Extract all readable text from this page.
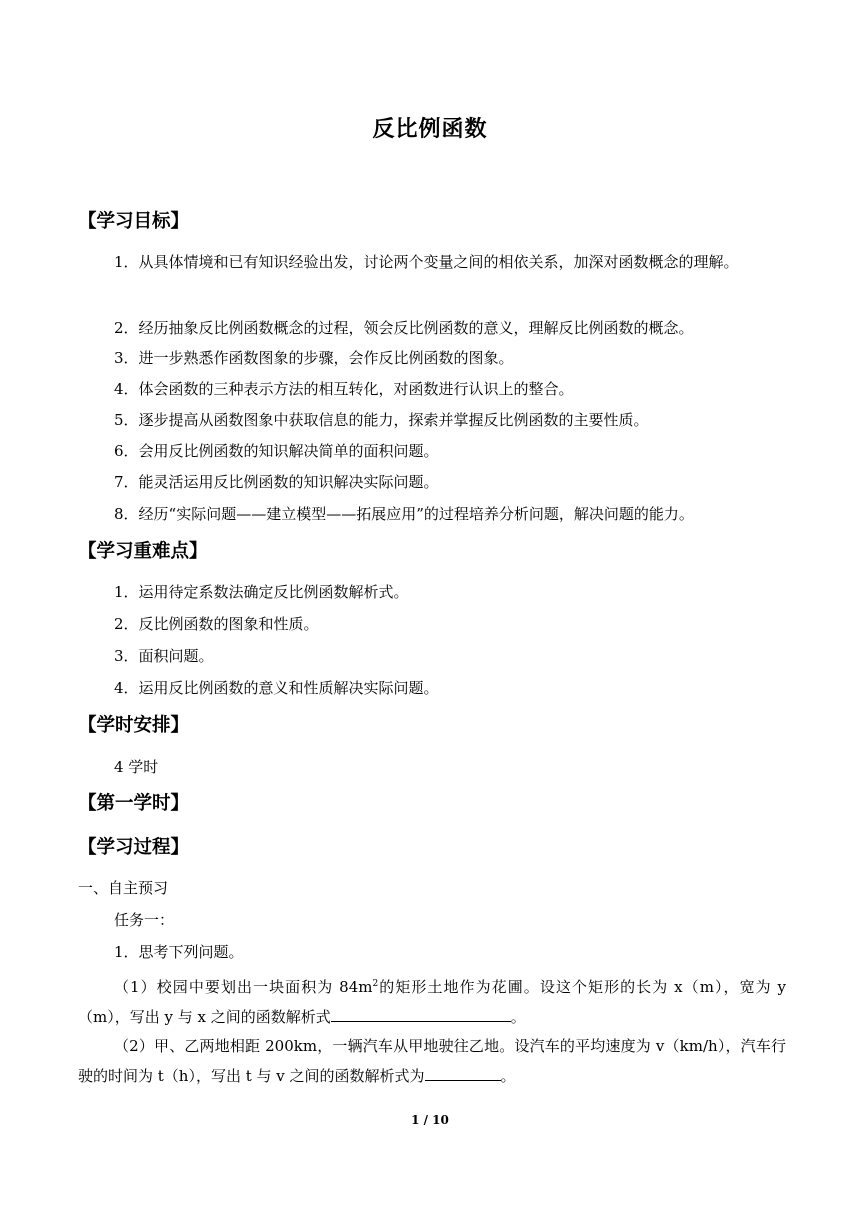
反比例函数
【学习目标】
1．从具体情境和已有知识经验出发，讨论两个变量之间的相依关系，加深对函数概念的理解。
2．经历抽象反比例函数概念的过程，领会反比例函数的意义，理解反比例函数的概念。
3．进一步熟悉作函数图象的步骤，会作反比例函数的图象。
4．体会函数的三种表示方法的相互转化，对函数进行认识上的整合。
5．逐步提高从函数图象中获取信息的能力，探索并掌握反比例函数的主要性质。
6．会用反比例函数的知识解决简单的面积问题。
7．能灵活运用反比例函数的知识解决实际问题。
8．经历“实际问题——建立模型——拓展应用”的过程培养分析问题，解决问题的能力。
【学习重难点】
1．运用待定系数法确定反比例函数解析式。
2．反比例函数的图象和性质。
3．面积问题。
4．运用反比例函数的意义和性质解决实际问题。
【学时安排】
4 学时
【第一学时】
【学习过程】
一、自主预习
任务一：
1．思考下列问题。
（1）校园中要划出一块面积为 $84m^2$的矩形土地作为花圃。设这个矩形的长为 x（m），宽为 y（m），写出 y 与 x 之间的函数解析式	。
（2）甲、乙两地相距 200km，一辆汽车从甲地驶往乙地。设汽车的平均速度为 v（km/h），汽车行驶的时间为 t（h），写出 t 与 v 之间的函数解析式为	。
1 / 10
